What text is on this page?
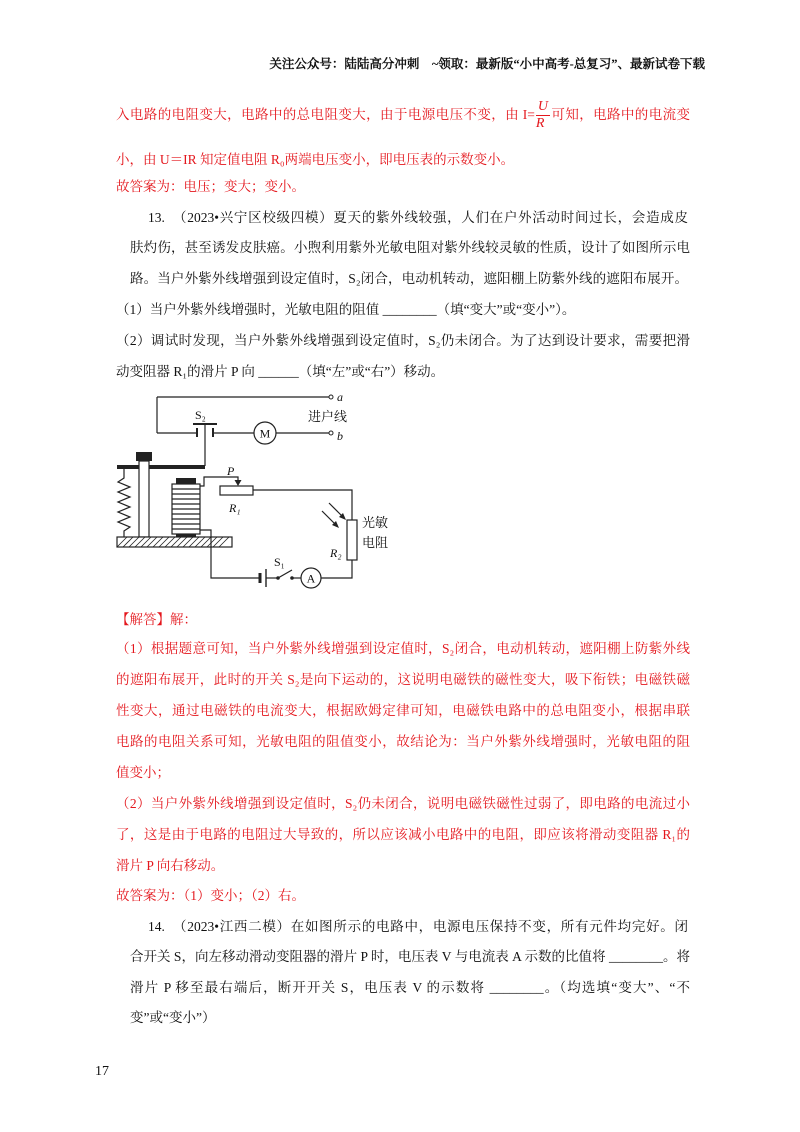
关注公众号：陆陆高分冲刺　~领取：最新版“小中高考-总复习”、最新试卷下载
入电路的电阻变大，电路中的总电阻变大，由于电源电压不变，由 $I= \frac{U}{R}$ 可知，电路中的电流变
小，由 U＝IR 知定值电阻 R₀两端电压变小，即电压表的示数变小。
故答案为：电压；变大；变小。
13.　（2023•兴宁区校级四模）夏天的紫外线较强，人们在户外活动时间过长，会造成皮
肤灼伤，甚至诱发皮肤癌。小煦利用紫外光敏电阻对紫外线较灵敏的性质，设计了如图所示电
路。当户外紫外线增强到设定值时，S₂闭合，电动机转动，遮阳棚上防紫外线的遮阳布展开。
（1）当户外紫外线增强时，光敏电阻的阻值 ________（填“变大”或“变小”）。
（2）调试时发现，当户外紫外线增强到设定值时，S₂仍未闭合。为了达到设计要求，需要把滑
动变阻器 R₁的滑片 P 向 ______（填“左”或“右”）移动。
a
S₂
M	b
进户线
P
R₁
R₂
光敏
电阻
A
S₁
【解答】解：
（1）根据题意可知，当户外紫外线增强到设定值时，S₂闭合，电动机转动，遮阳棚上防紫外线
的遮阳布展开，此时的开关 S₂是向下运动的，这说明电磁铁的磁性变大，吸下衔铁；电磁铁磁
性变大，通过电磁铁的电流变大，根据欧姆定律可知，电磁铁电路中的总电阻变小，根据串联
电路的电阻关系可知，光敏电阻的阻值变小，故结论为：当户外紫外线增强时，光敏电阻的阻
值变小；
（2）当户外紫外线增强到设定值时，S₂仍未闭合，说明电磁铁磁性过弱了，即电路的电流过小
了，这是由于电路的电阻过大导致的，所以应该减小电路中的电阻，即应该将滑动变阻器 R₁的
滑片 P 向右移动。
故答案为：（1）变小；（2）右。
14.　（2023•江西二模）在如图所示的电路中，电源电压保持不变，所有元件均完好。闭
合开关 S，向左移动滑动变阻器的滑片 P 时，电压表 V 与电流表 A 示数的比值将 ________。将
滑片 P 移至最右端后，断开开关 S，电压表 V 的示数将 ________。（均选填“变大”、“不
变”或“变小”）
17
